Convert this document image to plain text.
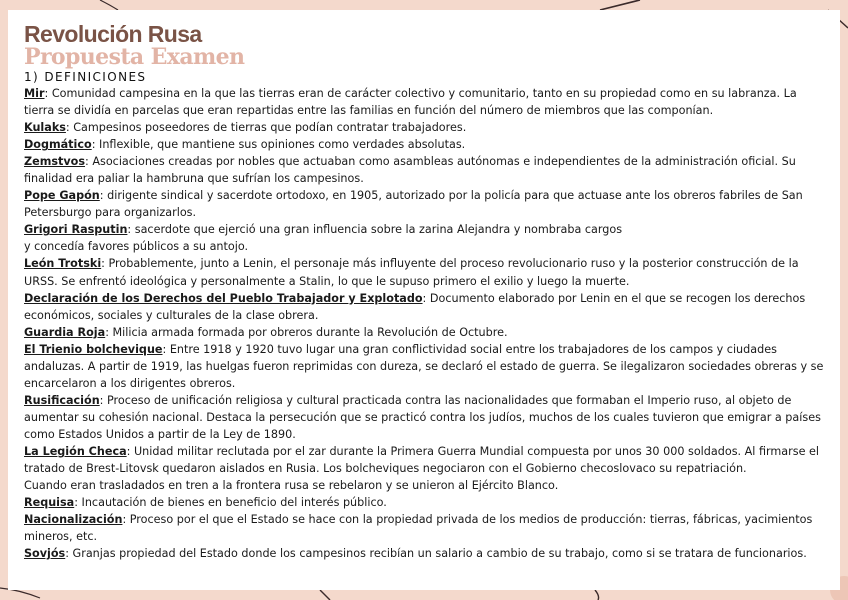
Revolución Rusa
Propuesta Examen
1) DEFINICIONES

Mir: Comunidad campesina en la que las tierras eran de carácter colectivo y comunitario, tanto en su propiedad como en su labranza. La tierra se dividía en parcelas que eran repartidas entre las familias en función del número de miembros que las componían.

Kulaks: Campesinos poseedores de tierras que podían contratar trabajadores.

Dogmático: Inflexible, que mantiene sus opiniones como verdades absolutas.

Zemstvos: Asociaciones creadas por nobles que actuaban como asambleas autónomas e independientes de la administración oficial. Su finalidad era paliar la hambruna que sufrían los campesinos.

Pope Gapón: dirigente sindical y sacerdote ortodoxo, en 1905, autorizado por la policía para que actuase ante los obreros fabriles de San Petersburgo para organizarlos.

Grigori Rasputin: sacerdote que ejerció una gran influencia sobre la zarina Alejandra y nombraba cargos
y concedía favores públicos a su antojo.

León Trotski: Probablemente, junto a Lenin, el personaje más influyente del proceso revolucionario ruso y la posterior construcción de la URSS. Se enfrentó ideológica y personalmente a Stalin, lo que le supuso primero el exilio y luego la muerte.

Declaración de los Derechos del Pueblo Trabajador y Explotado: Documento elaborado por Lenin en el que se recogen los derechos económicos, sociales y culturales de la clase obrera.

Guardia Roja: Milicia armada formada por obreros durante la Revolución de Octubre.

El Trienio bolchevique: Entre 1918 y 1920 tuvo lugar una gran conflictividad social entre los trabajadores de los campos y ciudades andaluzas. A partir de 1919, las huelgas fueron reprimidas con dureza, se declaró el estado de guerra. Se ilegalizaron sociedades obreras y se encarcelaron a los dirigentes obreros.

Rusificación: Proceso de unificación religiosa y cultural practicada contra las nacionalidades que formaban el Imperio ruso, al objeto de aumentar su cohesión nacional. Destaca la persecución que se practicó contra los judíos, muchos de los cuales tuvieron que emigrar a países como Estados Unidos a partir de la Ley de 1890.

La Legión Checa: Unidad militar reclutada por el zar durante la Primera Guerra Mundial compuesta por unos 30 000 soldados. Al firmarse el tratado de Brest-Litovsk quedaron aislados en Rusia. Los bolcheviques negociaron con el Gobierno checoslovaco su repatriación.
Cuando eran trasladados en tren a la frontera rusa se rebelaron y se unieron al Ejército Blanco.

Requisa: Incautación de bienes en beneficio del interés público.

Nacionalización: Proceso por el que el Estado se hace con la propiedad privada de los medios de producción: tierras, fábricas, yacimientos mineros, etc.

Sovjós: Granjas propiedad del Estado donde los campesinos recibían un salario a cambio de su trabajo, como si se tratara de funcionarios.
